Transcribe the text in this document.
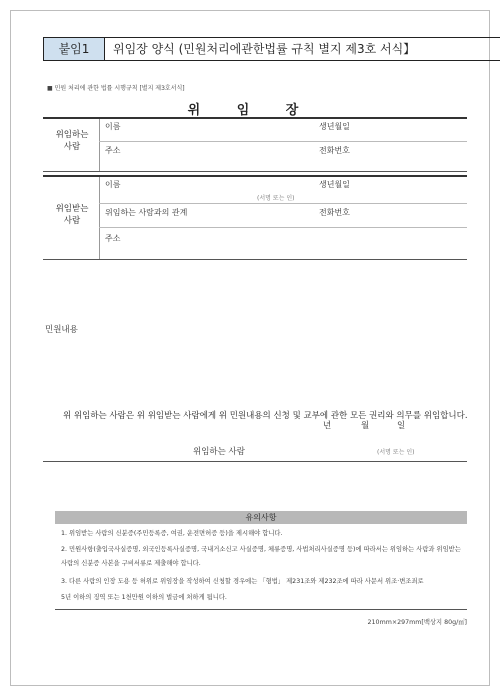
붙임1	위임장 양식 (민원처리에관한법률 규칙 별지 제3호 서식】
■ 민원 처리에 관한 법률 시행규칙 [별지 제3호서식]
위 임 장
위임하는
사람
이름	생년월일
주소	전화번호
위임받는
사람
이름	생년월일
(서명 또는 인)
위임하는 사람과의 관계	전화번호
주소
민원내용
위 위임하는 사람은 위 위임받는 사람에게 위 민원내용의 신청 및 교부에 관한 모든 권리와 의무를 위임합니다.
년	월	일
위임하는 사람	(서명 또는 인)
유의사항
1. 위임받는 사람의 신분증(주민등록증, 여권, 운전면허증 등)을 제시해야 합니다.
2. 민원사항(출입국사실증명, 외국인등록사실증명, 국내거소신고 사실증명, 체류증명, 사법처리사실증명 등)에 따라서는 위임하는 사람과 위임받는
사람의 신분증 사본을 구비서류로 제출해야 합니다.
3. 다른 사람의 인장 도용 등 허위로 위임장을 작성하여 신청할 경우에는 「형법」 제231조와 제232조에 따라 사문서 위조·변조죄로
5년 이하의 징역 또는 1천만원 이하의 벌금에 처하게 됩니다.
210mm×297mm[백상지 80g/㎡]
